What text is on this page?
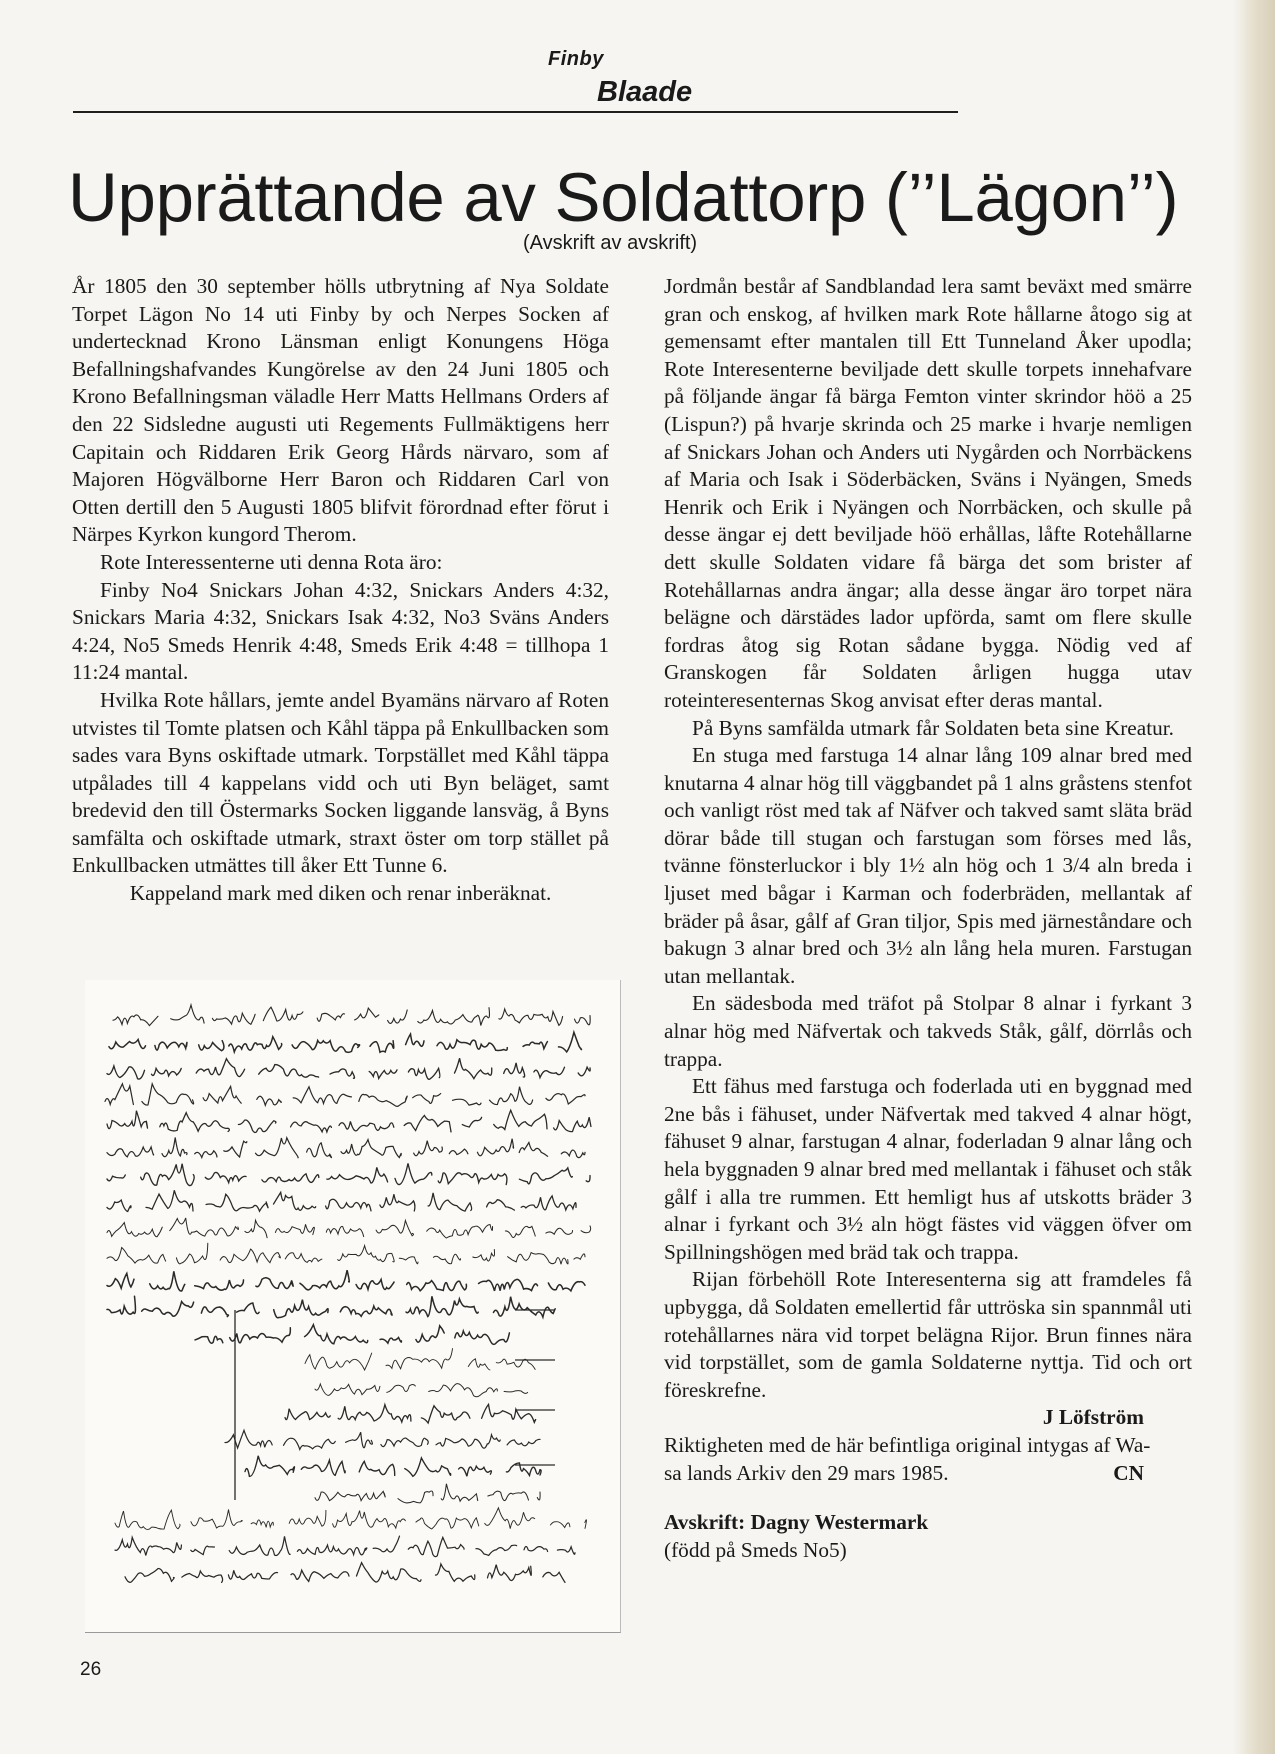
Finby
Blaade
Upprättande av Soldattorp (’’Lägon’’)
(Avskrift av avskrift)

År 1805 den 30 september hölls utbrytning af Nya Soldate Torpet Lägon No 14 uti Finby by och Nerpes Socken af undertecknad Krono Länsman enligt Konungens Höga Befallningshafvandes Kungörelse av den 24 Juni 1805 och Krono Befallningsman väladle Herr Matts Hellmans Orders af den 22 Sidsledne augusti uti Regements Fullmäktigens herr Capitain och Riddaren Erik Georg Hårds närvaro, som af Majoren Högvälborne Herr Baron och Riddaren Carl von Otten dertill den 5 Augusti 1805 blifvit förordnad efter förut i Närpes Kyrkon kungord Therom.

Rote Interessenterne uti denna Rota äro:

Finby No4 Snickars Johan 4:32, Snickars Anders 4:32, Snickars Maria 4:32, Snickars Isak 4:32, No3 Sväns Anders 4:24, No5 Smeds Henrik 4:48, Smeds Erik 4:48 = tillhopa 1 11:24 mantal.

Hvilka Rote hållars, jemte andel Byamäns närvaro af Roten utvistes til Tomte platsen och Kåhl täppa på Enkullbacken som sades vara Byns oskiftade utmark. Torpstället med Kåhl täppa utpålades till 4 kappelans vidd och uti Byn beläget, samt bredevid den till Östermarks Socken liggande lansväg, å Byns samfälta och oskiftade utmark, straxt öster om torp stället på Enkullbacken utmättes till åker Ett Tunne 6.

Kappeland mark med diken och renar inberäknat.

Jordmån består af Sandblandad lera samt beväxt med smärre gran och enskog, af hvilken mark Rote hållarne åtogo sig at gemensamt efter mantalen till Ett Tunneland Åker upodla; Rote Interesenterne beviljade dett skulle torpets innehafvare på följande ängar få bärga Femton vinter skrindor höö a 25 (Lispun?) på hvarje skrinda och 25 marke i hvarje nemligen af Snickars Johan och Anders uti Nygården och Norrbäckens af Maria och Isak i Söderbäcken, Sväns i Nyängen, Smeds Henrik och Erik i Nyängen och Norrbäcken, och skulle på desse ängar ej dett beviljade höö erhållas, låfte Rotehållarne dett skulle Soldaten vidare få bärga det som brister af Rotehållarnas andra ängar; alla desse ängar äro torpet nära belägne och därstädes lador upförda, samt om flere skulle fordras åtog sig Rotan sådane bygga. Nödig ved af Granskogen får Soldaten årligen hugga utav roteinteresenternas Skog anvisat efter deras mantal.

På Byns samfälda utmark får Soldaten beta sine Kreatur.

En stuga med farstuga 14 alnar lång 109 alnar bred med knutarna 4 alnar hög till väggbandet på 1 alns gråstens stenfot och vanligt röst med tak af Näfver och takved samt släta bräd dörar både till stugan och farstugan som förses med lås, tvänne fönsterluckor i bly 1½ aln hög och 1 3/4 aln breda i ljuset med bågar i Karman och foderbräden, mellantak af bräder på åsar, gålf af Gran tiljor, Spis med järneståndare och bakugn 3 alnar bred och 3½ aln lång hela muren. Farstugan utan mellantak.

En sädesboda med träfot på Stolpar 8 alnar i fyrkant 3 alnar hög med Näfvertak och takveds Ståk, gålf, dörrlås och trappa.

Ett fähus med farstuga och foderlada uti en byggnad med 2ne bås i fähuset, under Näfvertak med takved 4 alnar högt, fähuset 9 alnar, farstugan 4 alnar, foderladan 9 alnar lång och hela byggnaden 9 alnar bred med mellantak i fähuset och ståk gålf i alla tre rummen. Ett hemligt hus af utskotts bräder 3 alnar i fyrkant och 3½ aln högt fästes vid väggen öfver om Spillningshögen med bräd tak och trappa.

Rijan förbehöll Rote Interesenterna sig att framdeles få upbygga, då Soldaten emellertid får uttröska sin spannmål uti rotehållarnes nära vid torpet belägna Rijor. Brun finnes nära vid torpstället, som de gamla Soldaterne nyttja. Tid och ort föreskrefne.

J Löfström

Riktigheten med de här befintliga original intygas af Wa-

sa lands Arkiv den 29 mars 1985.	CN

Avskrift: Dagny Westermark

(född på Smeds No5)

26
